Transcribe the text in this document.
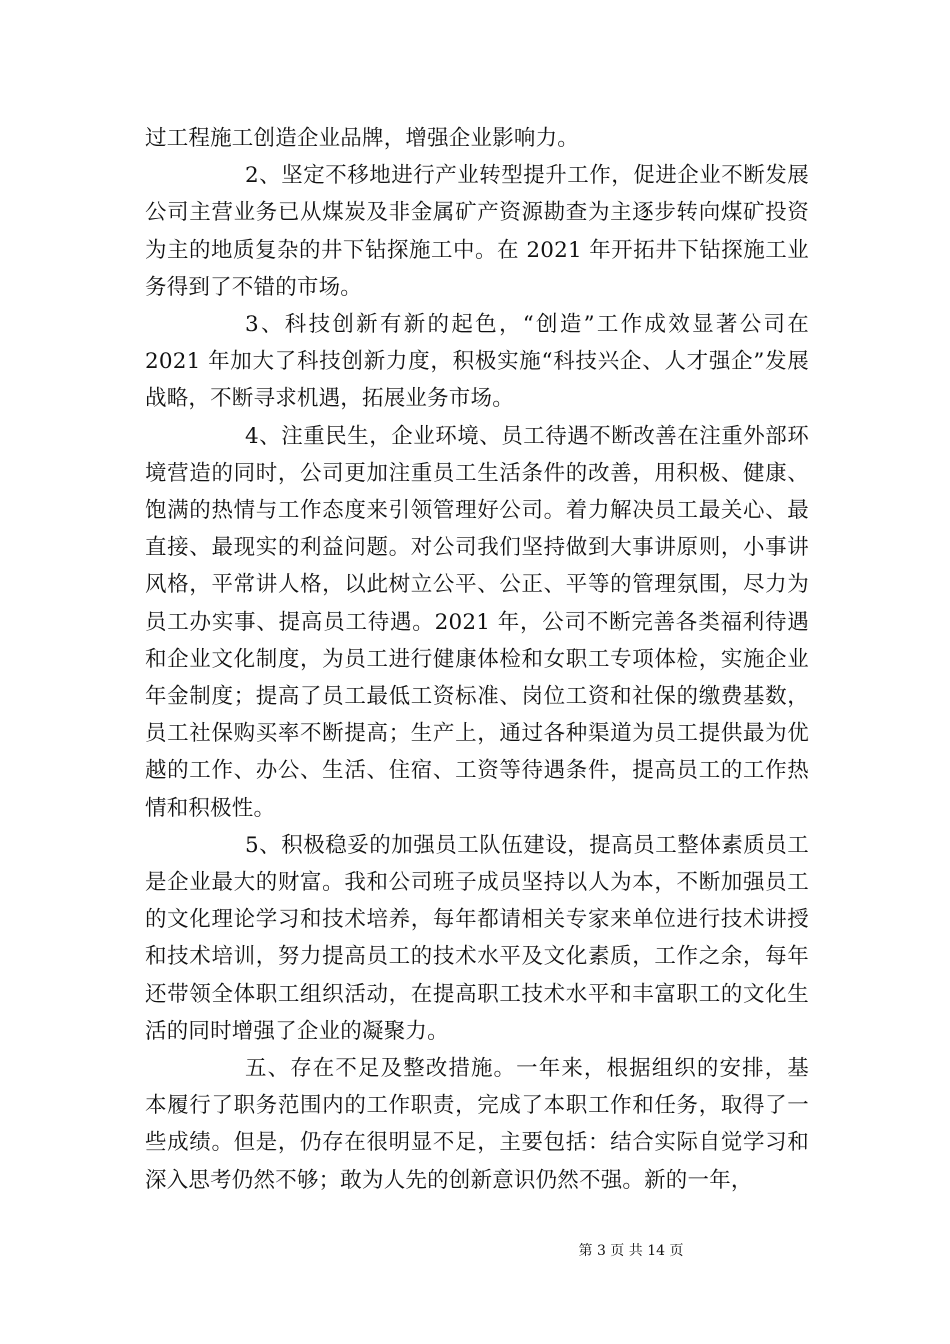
过工程施工创造企业品牌，增强企业影响力。

2、坚定不移地进行产业转型提升工作，促进企业不断发展公司主营业务已从煤炭及非金属矿产资源勘查为主逐步转向煤矿投资为主的地质复杂的井下钻探施工中。在 2021 年开拓井下钻探施工业务得到了不错的市场。

3、科技创新有新的起色，“创造”工作成效显著公司在 2021 年加大了科技创新力度，积极实施“科技兴企、人才强企”发展战略，不断寻求机遇，拓展业务市场。

4、注重民生，企业环境、员工待遇不断改善在注重外部环境营造的同时，公司更加注重员工生活条件的改善，用积极、健康、饱满的热情与工作态度来引领管理好公司。着力解决员工最关心、最直接、最现实的利益问题。对公司我们坚持做到大事讲原则，小事讲风格，平常讲人格，以此树立公平、公正、平等的管理氛围，尽力为员工办实事、提高员工待遇。2021 年，公司不断完善各类福利待遇和企业文化制度，为员工进行健康体检和女职工专项体检，实施企业年金制度；提高了员工最低工资标准、岗位工资和社保的缴费基数，员工社保购买率不断提高；生产上，通过各种渠道为员工提供最为优越的工作、办公、生活、住宿、工资等待遇条件，提高员工的工作热情和积极性。

5、积极稳妥的加强员工队伍建设，提高员工整体素质员工是企业最大的财富。我和公司班子成员坚持以人为本，不断加强员工的文化理论学习和技术培养，每年都请相关专家来单位进行技术讲授和技术培训，努力提高员工的技术水平及文化素质，工作之余，每年还带领全体职工组织活动，在提高职工技术水平和丰富职工的文化生活的同时增强了企业的凝聚力。

五、存在不足及整改措施。一年来，根据组织的安排，基本履行了职务范围内的工作职责，完成了本职工作和任务，取得了一些成绩。但是，仍存在很明显不足，主要包括：结合实际自觉学习和深入思考仍然不够；敢为人先的创新意识仍然不强。新的一年，

第 3 页 共 14 页
